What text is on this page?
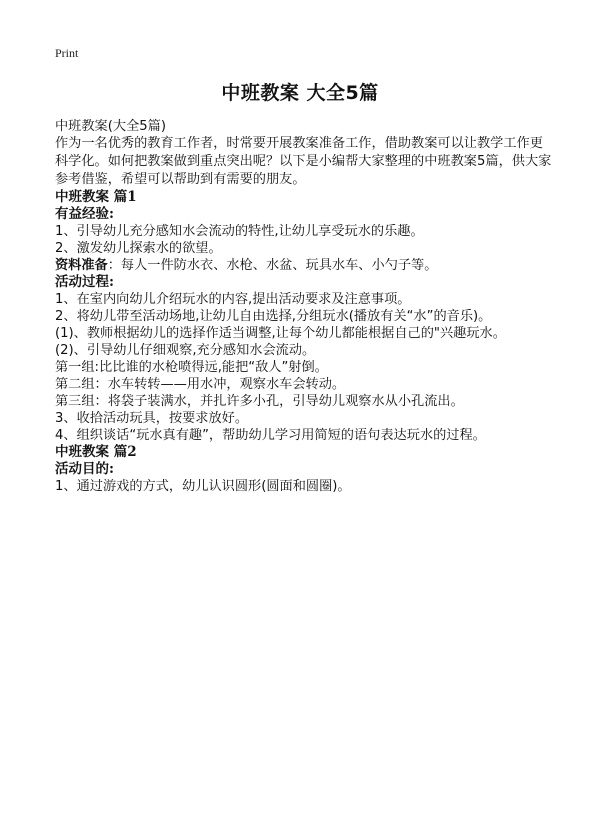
Print
中班教案 大全5篇

中班教案(大全5篇)

作为一名优秀的教育工作者，时常要开展教案准备工作，借助教案可以让教学工作更科学化。如何把教案做到重点突出呢？以下是小编帮大家整理的中班教案5篇，供大家参考借鉴，希望可以帮助到有需要的朋友。

中班教案 篇1

有益经验:

1、引导幼儿充分感知水会流动的特性,让幼儿享受玩水的乐趣。

2、激发幼儿探索水的欲望。

资料准备：每人一件防水衣、水枪、水盆、玩具水车、小勺子等。

活动过程:

1、在室内向幼儿介绍玩水的内容,提出活动要求及注意事项。

2、将幼儿带至活动场地,让幼儿自由选择,分组玩水(播放有关“水”的音乐)。

(1)、教师根据幼儿的选择作适当调整,让每个幼儿都能根据自己的"兴趣玩水。

(2)、引导幼儿仔细观察,充分感知水会流动。

第一组:比比谁的水枪喷得远,能把“敌人”射倒。

第二组：水车转转——用水冲，观察水车会转动。

第三组：将袋子装满水，并扎许多小孔，引导幼儿观察水从小孔流出。

3、收拾活动玩具，按要求放好。

4、组织谈话“玩水真有趣”，帮助幼儿学习用简短的语句表达玩水的过程。

中班教案 篇2

活动目的:

1、通过游戏的方式，幼儿认识圆形(圆面和圆圈)。
